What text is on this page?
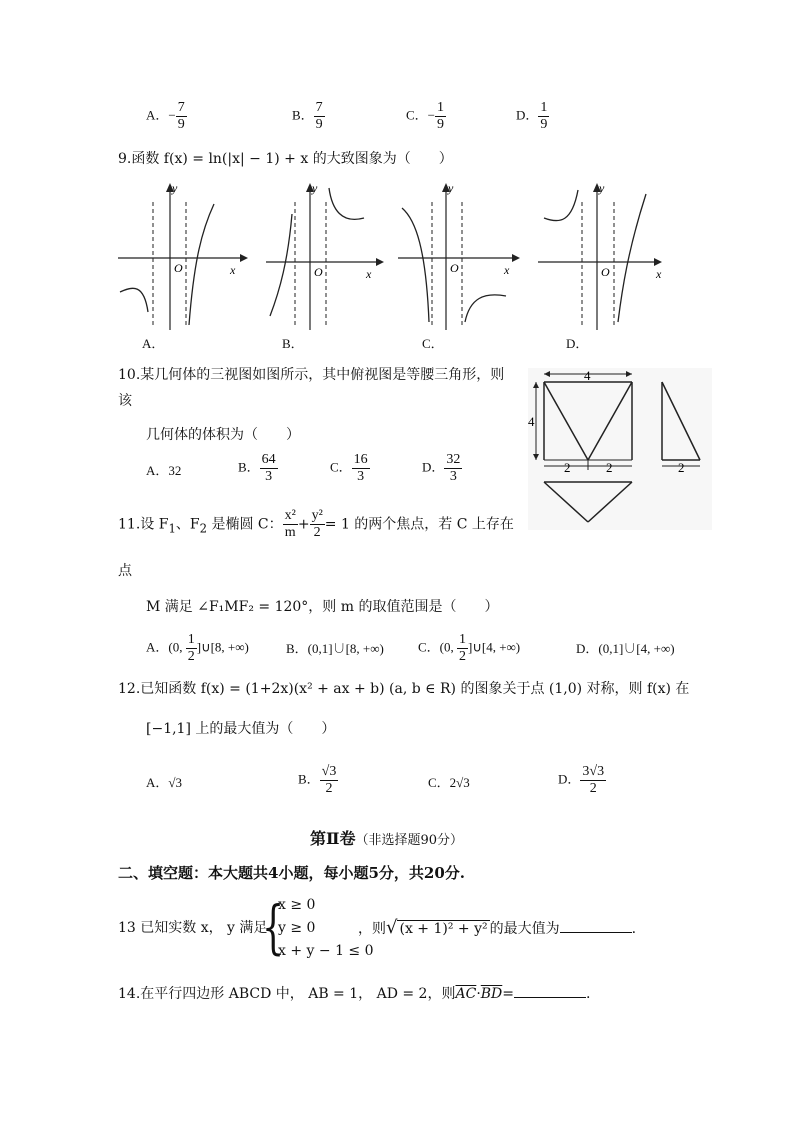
A．− $\frac{7}{9}$	B． $\frac{7}{9}$	C．− $\frac{1}{9}$	D． $\frac{1}{9}$
9.函数 f(x) = ln(|x| − 1) + x 的大致图象为（　　）
y
O	x
y
O	x
y
O	x
y
O	x
A．	B．	C．	D．
10.某几何体的三视图如图所示，其中俯视图是等腰三角形，则
该
几何体的体积为（　　）
A．32	B． $\frac{64}{3}$	C． $\frac{16}{3}$	D． $\frac{32}{3}$
4
4
2	2	2
11.设 $F_1$、$F_2$ 是椭圆 C： $\frac{\text{x²}}{m} + \frac{\text{y²}}{2} = 1$ 的两个焦点，若 C 上存在
点
M 满足 ∠F₁MF₂ = 120°，则 m 的取值范围是（　　）
A．(0, $\frac{1}{2}$ ]∪[8, +∞)	B．(0,1]∪[8, +∞)	C．(0, $\frac{1}{2}$ ]∪[4, +∞)	D．(0,1]∪[4, +∞)
12.已知函数 f(x) = (1+2x)(x² + ax + b) (a, b ∈ R) 的图象关于点 (1,0) 对称，则 f(x) 在
[−1,1] 上的最大值为（　　）
A．√3	B． $\frac{√3}{2}$	C．2√3	D． $\frac{3√3}{2}$
第Ⅱ卷（非选择题90分）
二、填空题：本大题共4小题，每小题5分，共20分.
13 已知实数 x， y 满足
{
x ≥ 0
y ≥ 0
x + y − 1 ≤ 0
，则√ (x + 1)² + y² 的最大值为	.
14.在平行四边形 ABCD 中， AB = 1， AD = 2，则$\overline{AC}\cdot\overline{BD}=$	.
